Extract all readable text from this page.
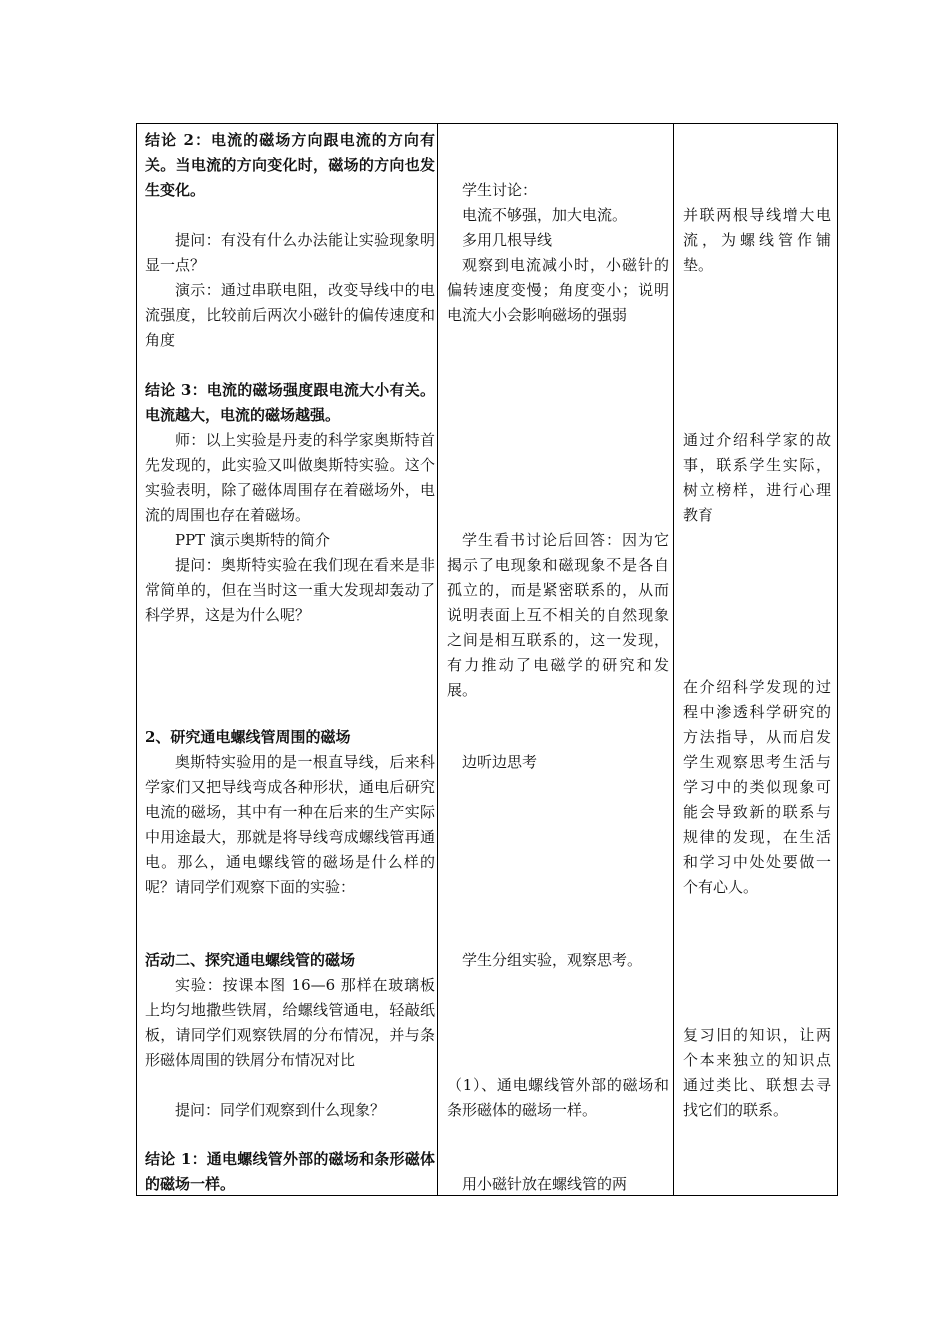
结论 2：电流的磁场方向跟电流的方向有关。当电流的方向变化时，磁场的方向也发生变化。

提问：有没有什么办法能让实验现象明显一点？

演示：通过串联电阻，改变导线中的电流强度，比较前后两次小磁针的偏传速度和角度

结论 3：电流的磁场强度跟电流大小有关。电流越大，电流的磁场越强。

师：以上实验是丹麦的科学家奥斯特首先发现的，此实验又叫做奥斯特实验。这个实验表明，除了磁体周围存在着磁场外，电流的周围也存在着磁场。

PPT 演示奥斯特的简介

提问：奥斯特实验在我们现在看来是非常简单的，但在当时这一重大发现却轰动了科学界，这是为什么呢？

2、研究通电螺线管周围的磁场

奥斯特实验用的是一根直导线，后来科学家们又把导线弯成各种形状，通电后研究电流的磁场，其中有一种在后来的生产实际中用途最大，那就是将导线弯成螺线管再通电。那么，通电螺线管的磁场是什么样的呢？请同学们观察下面的实验：

活动二、探究通电螺线管的磁场

实验：按课本图 16—6 那样在玻璃板上均匀地撒些铁屑，给螺线管通电，轻敲纸板，请同学们观察铁屑的分布情况，并与条形磁体周围的铁屑分布情况对比

提问：同学们观察到什么现象？

结论 1：通电螺线管外部的磁场和条形磁体的磁场一样。

学生讨论：

电流不够强，加大电流。

多用几根导线

观察到电流减小时，小磁针的偏转速度变慢；角度变小；说明电流大小会影响磁场的强弱

学生看书讨论后回答：因为它揭示了电现象和磁现象不是各自孤立的，而是紧密联系的，从而说明表面上互不相关的自然现象之间是相互联系的，这一发现，有力推动了电磁学的研究和发展。

边听边思考

学生分组实验，观察思考。

（1）、通电螺线管外部的磁场和条形磁体的磁场一样。

用小磁针放在螺线管的两

并联两根导线增大电流，为螺线管作铺垫。

通过介绍科学家的故事，联系学生实际，树立榜样，进行心理教育

在介绍科学发现的过程中渗透科学研究的方法指导，从而启发学生观察思考生活与学习中的类似现象可能会导致新的联系与规律的发现，在生活和学习中处处要做一个有心人。

复习旧的知识，让两个本来独立的知识点通过类比、联想去寻找它们的联系。
